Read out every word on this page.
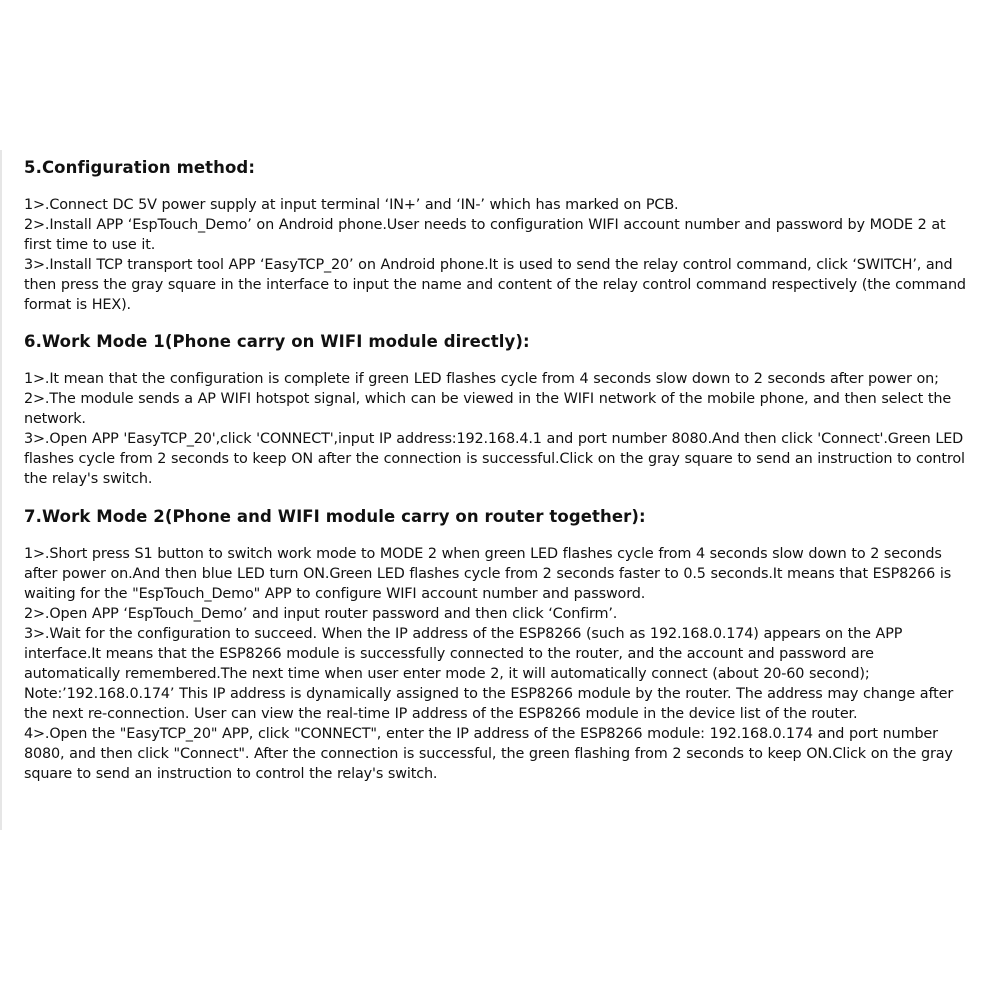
5.Configuration method:

1>.Connect DC 5V power supply at input terminal ‘IN+’ and ‘IN-’ which has marked on PCB.

2>.Install APP ‘EspTouch_Demo’ on Android phone.User needs to configuration WIFI account number and password by MODE 2 at first time to use it.

3>.Install TCP transport tool APP ‘EasyTCP_20’ on Android phone.It is used to send the relay control command, click ‘SWITCH’, and then press the gray square in the interface to input the name and content of the relay control command respectively (the command format is HEX).

6.Work Mode 1(Phone carry on WIFI module directly):

1>.It mean that the configuration is complete if green LED flashes cycle from 4 seconds slow down to 2 seconds after power on;

2>.The module sends a AP WIFI hotspot signal, which can be viewed in the WIFI network of the mobile phone, and then select the network.

3>.Open APP 'EasyTCP_20',click 'CONNECT',input IP address:192.168.4.1 and port number 8080.And then click 'Connect'.Green LED flashes cycle from 2 seconds to keep ON after the connection is successful.Click on the gray square to send an instruction to control the relay's switch.

7.Work Mode 2(Phone and WIFI module carry on router together):

1>.Short press S1 button to switch work mode to MODE 2 when green LED flashes cycle from 4 seconds slow down to 2 seconds after power on.And then blue LED turn ON.Green LED flashes cycle from 2 seconds faster to 0.5 seconds.It means that ESP8266 is waiting for the "EspTouch_Demo" APP to configure WIFI account number and password.

2>.Open APP ‘EspTouch_Demo’ and input router password and then click ‘Confirm’.

3>.Wait for the configuration to succeed. When the IP address of the ESP8266 (such as 192.168.0.174) appears on the APP interface.It means that the ESP8266 module is successfully connected to the router, and the account and password are automatically remembered.The next time when user enter mode 2, it will automatically connect (about 20-60 second);

Note:’192.168.0.174’ This IP address is dynamically assigned to the ESP8266 module by the router. The address may change after the next re-connection. User can view the real-time IP address of the ESP8266 module in the device list of the router.

4>.Open the "EasyTCP_20" APP, click "CONNECT", enter the IP address of the ESP8266 module: 192.168.0.174 and port number 8080, and then click "Connect". After the connection is successful, the green flashing from 2 seconds to keep ON.Click on the gray square to send an instruction to control the relay's switch.
